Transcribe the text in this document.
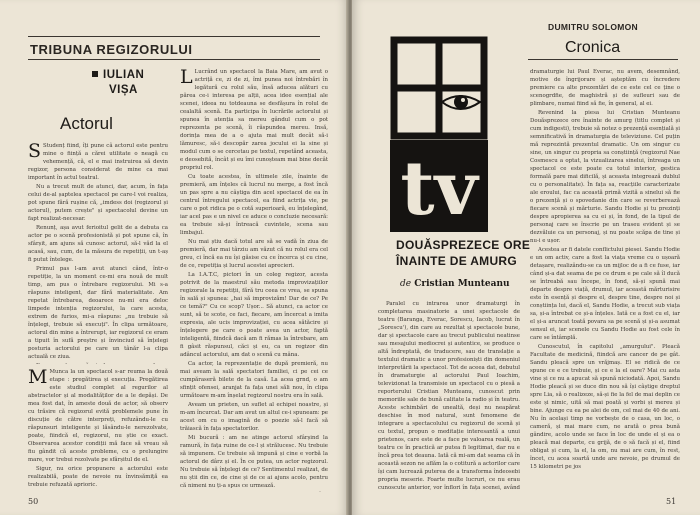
TRIBUNA REGIZORULUI
IULIAN
VIȘA
Actorul

S Studenț fiind, îți pune câ actorul este pentru mine o ființă a cărei utilitate o neagă cu vehemență, că, el e mai instruirea să devin regizor, persona considerat de mine ca mai important în actul teatral.

Nu a trecut mult de atunci, dar, acum, în fața celui de-al șaptelea spectacol pe care-l voi realiza, pot spune fără rușine că, „imdess doi (regizorul și actorul), putem crește" și spectacolul devine un fapt realizat-necesar.

Renunț, așa avut ferioitul gelit de a debuta ca actor pe o scenă profesionistă și pot spune că, în sfârșit, am ajuns să cunosc actorul, să-l văd la el acasă, sau, cum, de la măsura de repetiții, un t-aș fi putut întelege.

Primul pas l-am avut atunci când, într-o repetiție, la un moment ce-mi era nouă de mult timp, am pus o întrebare regizorului. Mi s-a răspuns inteligent, dar fără materialitate. Am repetat întrebarea, deoarece nu-mi era deloc limpede intenția regizorului, la care acesta, extrem de furios, mi-a răspuns: „nu trebuie să înțelegi, trebuie să execuți". În clipa următoare, actorul din mine a întrerupt, iar regizorul ce eram a tipuit în sufă preștre și învinciud să înțelegi posturia actorului pe care un tânăr l-a clipa actuală ce ziua.

M Munca la un spectacol s-ar reuma la două etape : pregătirea și execuția. Pregătirea este studiul complet al regurilor al abstractelor și al modalităților de a le depăși. De mea fost dat, în ameste două de actor, să observ cu trăsire că regizorul evită problemele pune în discuție de către interpreți, refuzându-le cu răspunsuri inteligente și lăsându-le nerezolvate, poate, fiindcă el, regizorul, nu știe ce exact. Observarea acestor condiții mă face să vreau să fiu gândit că aceste probleme, cu o prelungire mare, vor trebui rezolvate pe sfârșitul de el.

Sigur, nu orice propunere a actorului este realizabilă, poate de nevoie nu învinsămiță ea trebuie refuzată aprioric.

L Lucrând un spectacol la Baia Mare, am avut o actriță ce, zi de zi, îmi punea noi întrebări în legătură cu rolul său, însă aducea alături cu părea ce-i interesa pe alții, acea idee esențial ale scenei, ideea nu totdeauna se desfășura în rolul de cealaltă scenă. Ea participa în lucrările actorului și spunea în atenția sa mereu gândul cum o pot reprezenta pe scenă, îi răspundea mereu. Insă, dorința mea de a o ajuta mai mult decât să-i lămuresc, să-i descopăr zarea jocului ei la sine și modul cum o se cercetau pe textul, repetând aceasta, e deosebită, încât și eu îmi cunoșteam mai bine decât propriul rol.

Cu toate acestea, în ultimele zile, înainte de premieră, am înțeles că lucrul nu merge, a fost încă un pas spre a nu câștiga din acel spectacol de ea în centrul întregului spectacol, ea fiind actrița vie, pe care o pot ridica pe o cotă superioară, eu înțelegând, iar acel pas e un nivel ce aduce o concluzie necesară: ea trebuie să-și întreacă cuvintele, scena sau limbajul.

Nu mai știu dacă totul are să se vadă în ziua de premieră, dar mai târziu am văzut că nu rolul era cel greu, ci încă ea nu își găsise cu ce încerca și cu cine, de ce, repetiția și lucrul acestei aprecieri.

La I.A.T.C, pictori în un coleg regizor, acesta potrivit de la maestrul său metoda improvizațiilor regizorale la repetiții, fără tru ceea ce vrea, se spuna în sală și spunea: „hai să improvizăm! Dar de ce? Pe ce temă?" Cu ce scop? Ușor... Să atunci, ca actor ce sunt, să te scote, ce faci, fiecare, am încercat a imita expresia, ale ucis improvizației, cu acea sătăcire și înțelegere pe care o poate avea un actor, faptă inteligentă, fiindcă dacă am fi rămas la întrebare, am fi gâsit răspunsul, căci și eu, ca un regizor din adâncul actorului, am dat o scenă cu mâna.

Ca actor, la reprezentație de după premieră, nu mai aveam la sală spectatori familiei, ci pe cei ce cumpăraseră bilete de la casă. La acea grnd, o am sfințit ofensei, aranjat fa fața unei săli nou, în clipa următoare m-am înșelat regizorul nostru era în sală.

Aveam un prieten, un suflet al echipei noastre, și m-am încurcat. Dar am avut un altul ce-i spuneam: pe acest om cu o imagină de o poezie să-l facă să trăiască în fața spectatorilor.

Mi bucură : am ne atinge actorul sfârșind la ramură, în fața ruine de ce-l și strălucesc. Nu trebuie să impunem. Ce trebuie să impună și cine e vorbă la actorul de dârz și el. În ce putea, un actor regizorul. Nu trebuie să înțelegi de ce? Sentimentul realizat, de nu știi din ce, de cine și de ce ai ajuns acolo, pentru că nimeni nu ți-a spus ce urmează.

50
DUMITRU SOLOMON
Cronica
tv
DOUĂSPREZECE ORE
ÎNAINTE DE AMURG
de Cristian Munteanu

Paralel cu intrarea unor dramaturgi în completarea masinatorie a unei spectacole de teatru (Baranga, Everac, Sorescu, Iacob, lucrat în „Sorescu'), din care au rezultat și spectacole bune, dar și spectacole care au trecut publicului neatinse sau mesajului mediocrei și autentice, se produce o altă îndreptată, de traducere, sau de translație a textului dramatic a unor profesioniști din domeniul interpretării la spectacol. Tot de aceea dat, debutul în dramaturgie al actorului Paul Ioachim, televizionat la transmisie un spectacol cu o piesă a reporterului Cristian Munteanu, cunoscut prin memoriile sale de bună calitate la radio și în teatru. Aceste schimbări de unealtă, deși nu neapărat deschise în mod natural, sunt fenomene de integrare a spectacolului cu regizorul de scenă și cu textul, propun o meditație interesantă a unui prietenos, care este de a face pe valoarea reală, un teatru ce în practică ar putea fi legitimat, dar nu e încă prea tot deauna. Iată că mi-am dat seama că în această sezon ne aflăm la o cotitură a actorilor care își cam lucrează puterea de a transforma îndeosebi propria meserie. Foarte multe lucruri, ce nu erau cunoscute anterior, vor înflori în fața scenei, având

dramaturgie lui Paul Everac, nu avem, desemnând, motive de îngrijorare și așteptăm cu încredere premiere ca alte prezentări de ce este cel ce ține o scenogrdfie, de maghistră și de sufleuri sau de plimbare, numai fiind să fie, în general, al ei.

Revenind la piesa lui Cristian Munteanu Douăsprezece ore înainte de amurg (titlu complet și cum indigesti), trebuie să notez o prezență esențială și semnificativă în dramaturgia de televiziune. Cel puțin mă reprezintă prezentul dramatic. Un om singur cu sine, un singur cu propria sa conștiință (regizorul Nae Cosmescu a optat, la vizualizarea sinelui, întreaga un spectacol ce este poate cu totul interior, gestica formală pare mai dificilă, și aceasta integrează dublul cu o personalitate). În fața sa, reacțiile caracterizate ale eroului, fac ca această primă vizită a sinelui să fie o prezență și o spovedanie din care se reverberează fiecare scenă și mărturie. Sandu Hodie și tu prezinți despre apropierea sa cu ei și, în fond, de la tipul de personaj care se înscrie pe un traseu evident și se dezvăluie ca un personaj, și nu poate scăpa de tine și nu-i e ușor.

Acestea ar fi datele conflictului piesei. Sandu Hodie e un om activ, care a fost la viața vreme cu o ușoară detașare, realizându-se ca un mijloc de a fi ce fuse, iar când și-a dat seama de pe ce drum e pe cale să îl ducă se întreabă sau începe, în fond, să-și spună mai departe despre viață, drumul, iar această mărturisire este în esență și despre el, despre tine, despre noi și conștiința lui, dacă el, Sandu Hodie, a trecut sub viața sa, și-a întrebat ce și-a înțeles. Iată ce a fost cu el, iar el și-a aruncat toată povara sa pe scenă și și-a asumat sensul ei, iar scenele cu Sandu Hodie au fost cele în care se întâmplă.

Cunoscutul, în capitolul „amurgului". Pleacă Facultate de medicină, fiindcă are cancer de pe gât. Sandu pleacă spre un vrăjmaș. El se ridică de ce spune ce e ce trebuie, și ce e la el oare? Mai cu asta vine și ce nu a apucat să spună niciodată. Apoi, Sandu Hodie pleacă și se duce din nou să își câștige dreptul spre Lia, să o realizeze, să-și fie la fel de mai deplin ce este și nimic, uită să mai poată și vorbi și mereu și bine. Ajunge cu ea pe alei de om, cel mai de 40 de ani. Nu în același timp ne vorbește de o casa, un loc, o cameră, și mai mare cum, ne arată o prea bună gândire, acolo unde se face în loc de unde el și ea o pleacă mai departe, cu grijă, de o să facă și el, fiind obligat și cum, la el, la om, nu mai are cum, în rest, încet, cu acea soartă unde are nevoie, pe drumul de 15 kilometri pe jos

51
